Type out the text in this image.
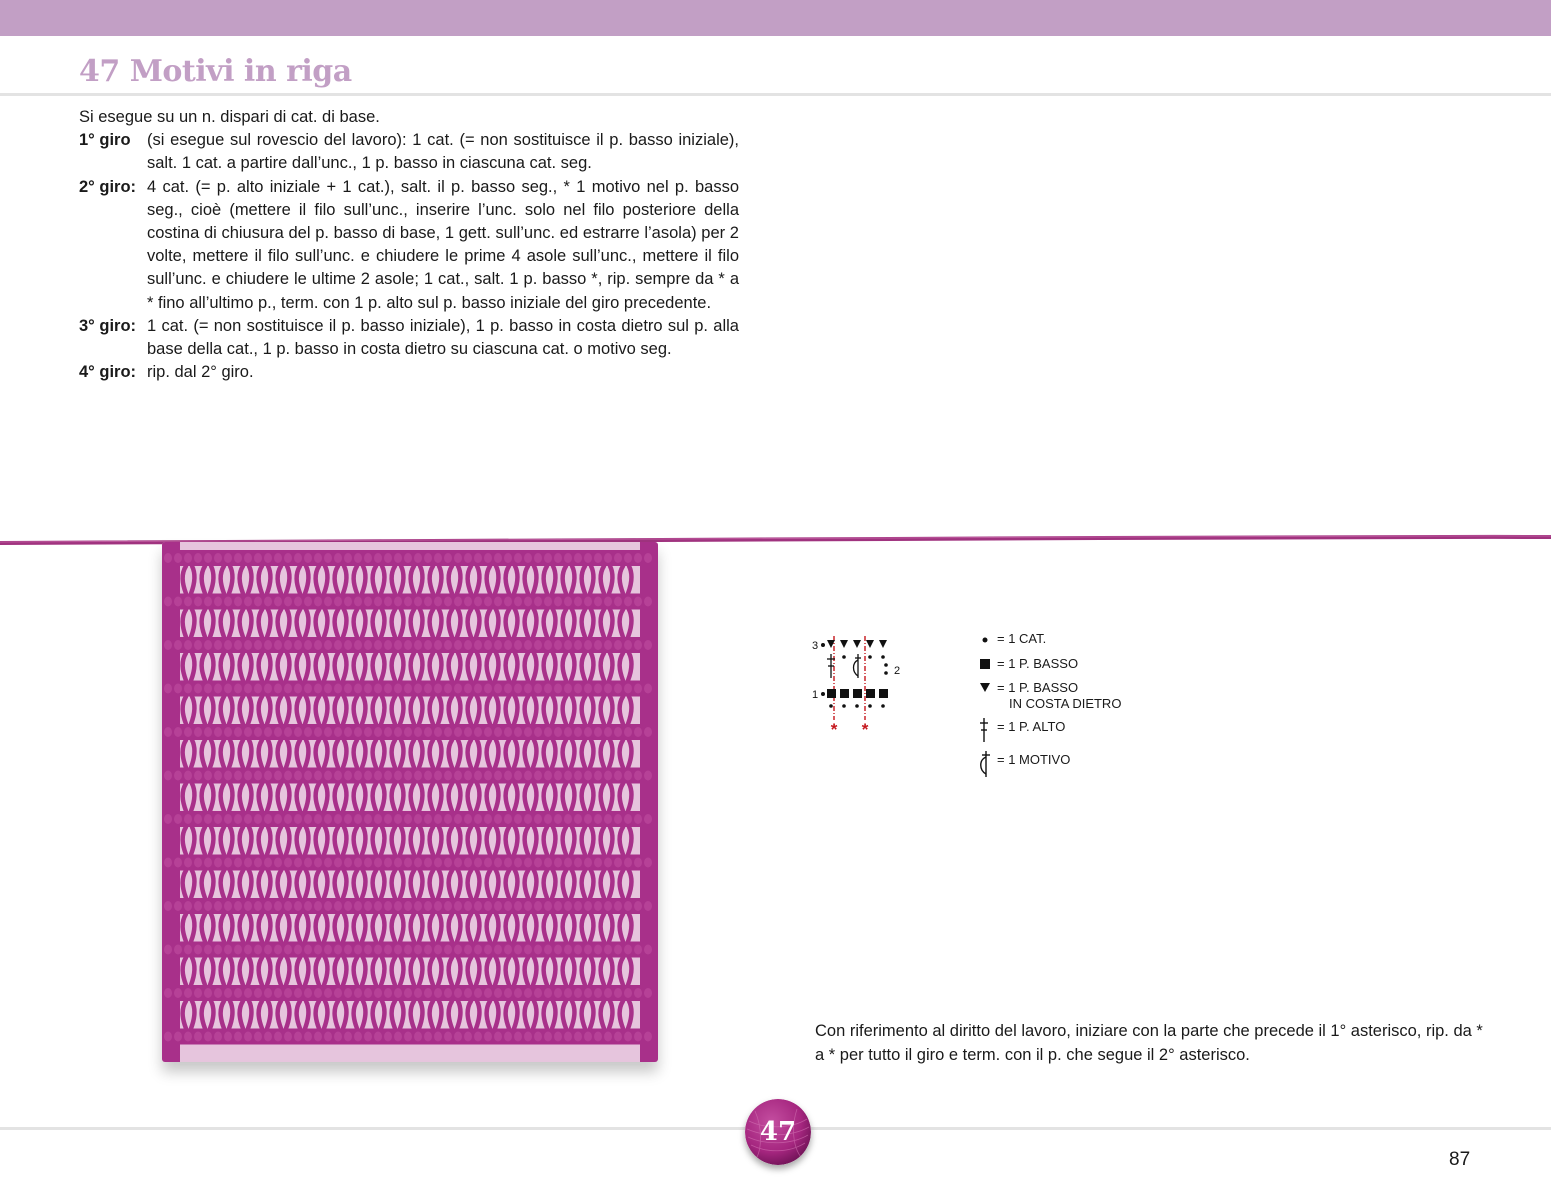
47 Motivi in riga

Si esegue su un n. dispari di cat. di base.

1° giro (si esegue sul rovescio del lavoro): 1 cat. (= non sostituisce il p. basso iniziale), salt. 1 cat. a partire dall’unc., 1 p. basso in ciascuna cat. seg.
2° giro: 4 cat. (= p. alto iniziale + 1 cat.), salt. il p. basso seg., * 1 motivo nel p. basso seg., cioè (mettere il filo sull’unc., inserire l’unc. solo nel filo posteriore della costina di chiusura del p. basso di base, 1 gett. sull’unc. ed estrarre l’asola) per 2 volte, mettere il filo sull’unc. e chiudere le prime 4 asole sull’unc., mettere il filo sull’unc. e chiudere le ultime 2 asole; 1 cat., salt. 1 p. basso *, rip. sempre da * a * fino all’ultimo p., term. con 1 p. alto sul p. basso iniziale del giro precedente.
3° giro: 1 cat. (= non sostituisce il p. basso iniziale), 1 p. basso in costa dietro sul p. alla base della cat., 1 p. basso in costa dietro su ciascuna cat. o motivo seg.
4° giro: rip. dal 2° giro.
3
2
1
* *
= 1 CAT.
= 1 P. BASSO
= 1 P. BASSO
IN COSTA DIETRO
= 1 P. ALTO
= 1 MOTIVO

Con riferimento al diritto del lavoro, iniziare con la parte che precede il 1° asterisco, rip. da * a * per tutto il giro e term. con il p. che segue il 2° asterisco.

47
87
